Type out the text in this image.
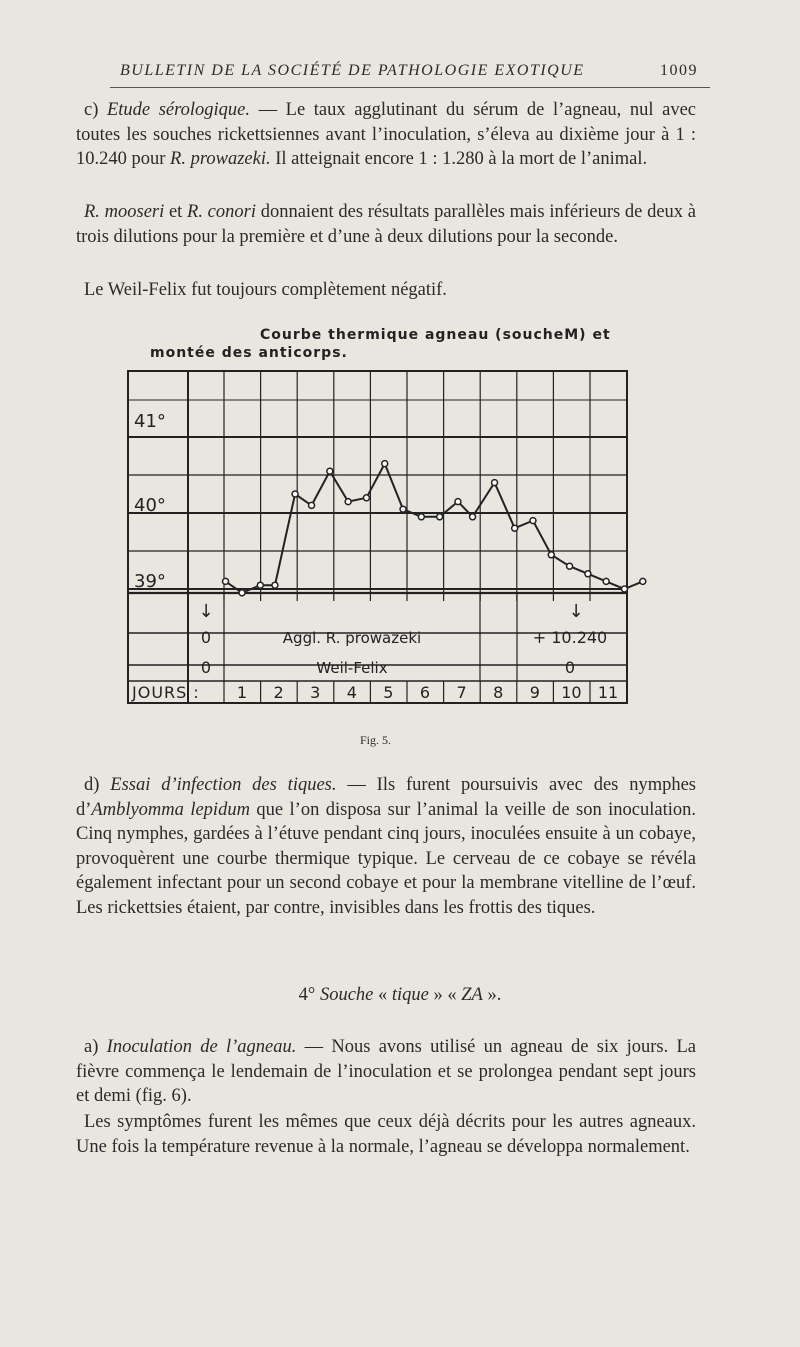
BULLETIN DE LA SOCIÉTÉ DE PATHOLOGIE EXOTIQUE	1009

c) Etude sérologique. — Le taux agglutinant du sérum de l’agneau, nul avec toutes les souches rickettsiennes avant l’inoculation, s’éleva au dixième jour à 1 : 10.240 pour R. prowazeki. Il atteignait encore 1 : 1.280 à la mort de l’animal.

R. mooseri et R. conori donnaient des résultats parallèles mais inférieurs de deux à trois dilutions pour la première et d’une à deux dilutions pour la seconde.

Le Weil-Felix fut toujours complètement négatif.

Courbe thermique agneau (soucheM) et
montée des anticorps.
41°
40°
39°
↓	↓
0	Aggl. R. prowazeki	+ 10.240
0	Weil-Felix	0
JOURS : 1 2 3 4 5 6 7 8 9 10 11
Fig. 5.

d) Essai d’infection des tiques. — Ils furent poursuivis avec des nymphes d’Amblyomma lepidum que l’on disposa sur l’animal la veille de son inoculation. Cinq nymphes, gardées à l’étuve pendant cinq jours, inoculées ensuite à un cobaye, provoquèrent une courbe thermique typique. Le cerveau de ce cobaye se révéla également infectant pour un second cobaye et pour la membrane vitelline de l’œuf. Les rickettsies étaient, par contre, invisibles dans les frottis des tiques.

4° Souche « tique » « ZA ».

a) Inoculation de l’agneau. — Nous avons utilisé un agneau de six jours. La fièvre commença le lendemain de l’inoculation et se prolongea pendant sept jours et demi (fig. 6).

Les symptômes furent les mêmes que ceux déjà décrits pour les autres agneaux. Une fois la température revenue à la normale, l’agneau se développa normalement.
